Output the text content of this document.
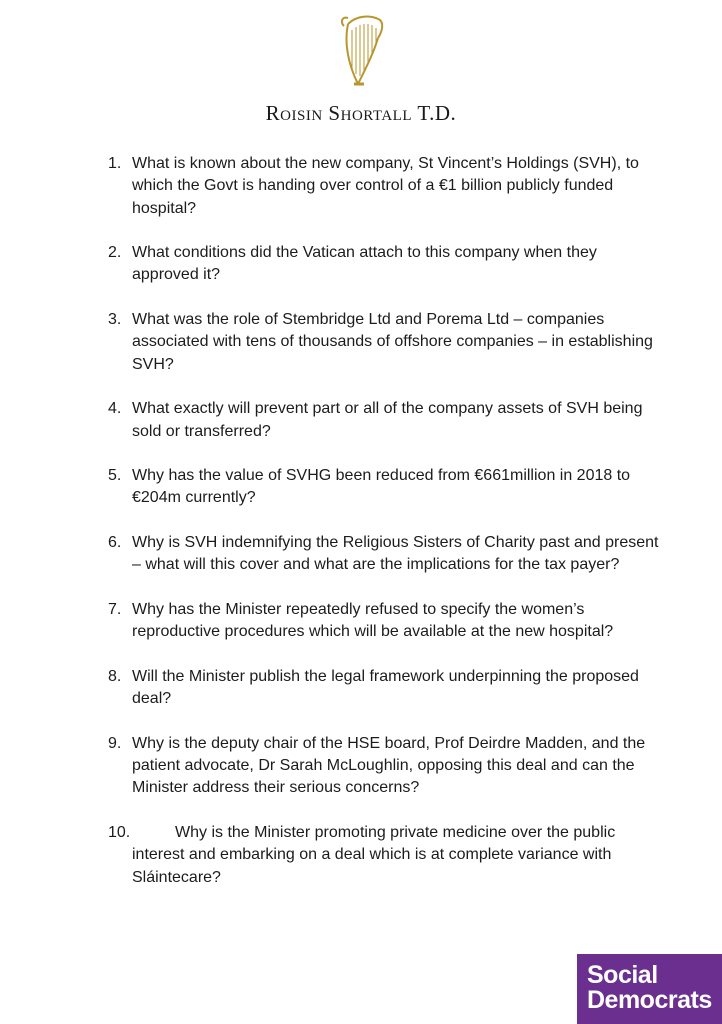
Roisin Shortall T.D.
1. What is known about the new company, St Vincent’s Holdings (SVH), to which the Govt is handing over control of a €1 billion publicly funded hospital?
2. What conditions did the Vatican attach to this company when they approved it?
3. What was the role of Stembridge Ltd and Porema Ltd – companies associated with tens of thousands of offshore companies – in establishing SVH?
4. What exactly will prevent part or all of the company assets of SVH being sold or transferred?
5. Why has the value of SVHG been reduced from €661million in 2018 to €204m currently?
6. Why is SVH indemnifying the Religious Sisters of Charity past and present – what will this cover and what are the implications for the tax payer?
7. Why has the Minister repeatedly refused to specify the women’s reproductive procedures which will be available at the new hospital?
8. Will the Minister publish the legal framework underpinning the proposed deal?
9. Why is the deputy chair of the HSE board, Prof Deirdre Madden, and the patient advocate, Dr Sarah McLoughlin, opposing this deal and can the Minister address their serious concerns?
10.	Why is the Minister promoting private medicine over the public interest and embarking on a deal which is at complete variance with Sláintecare?
Social
Democrats
